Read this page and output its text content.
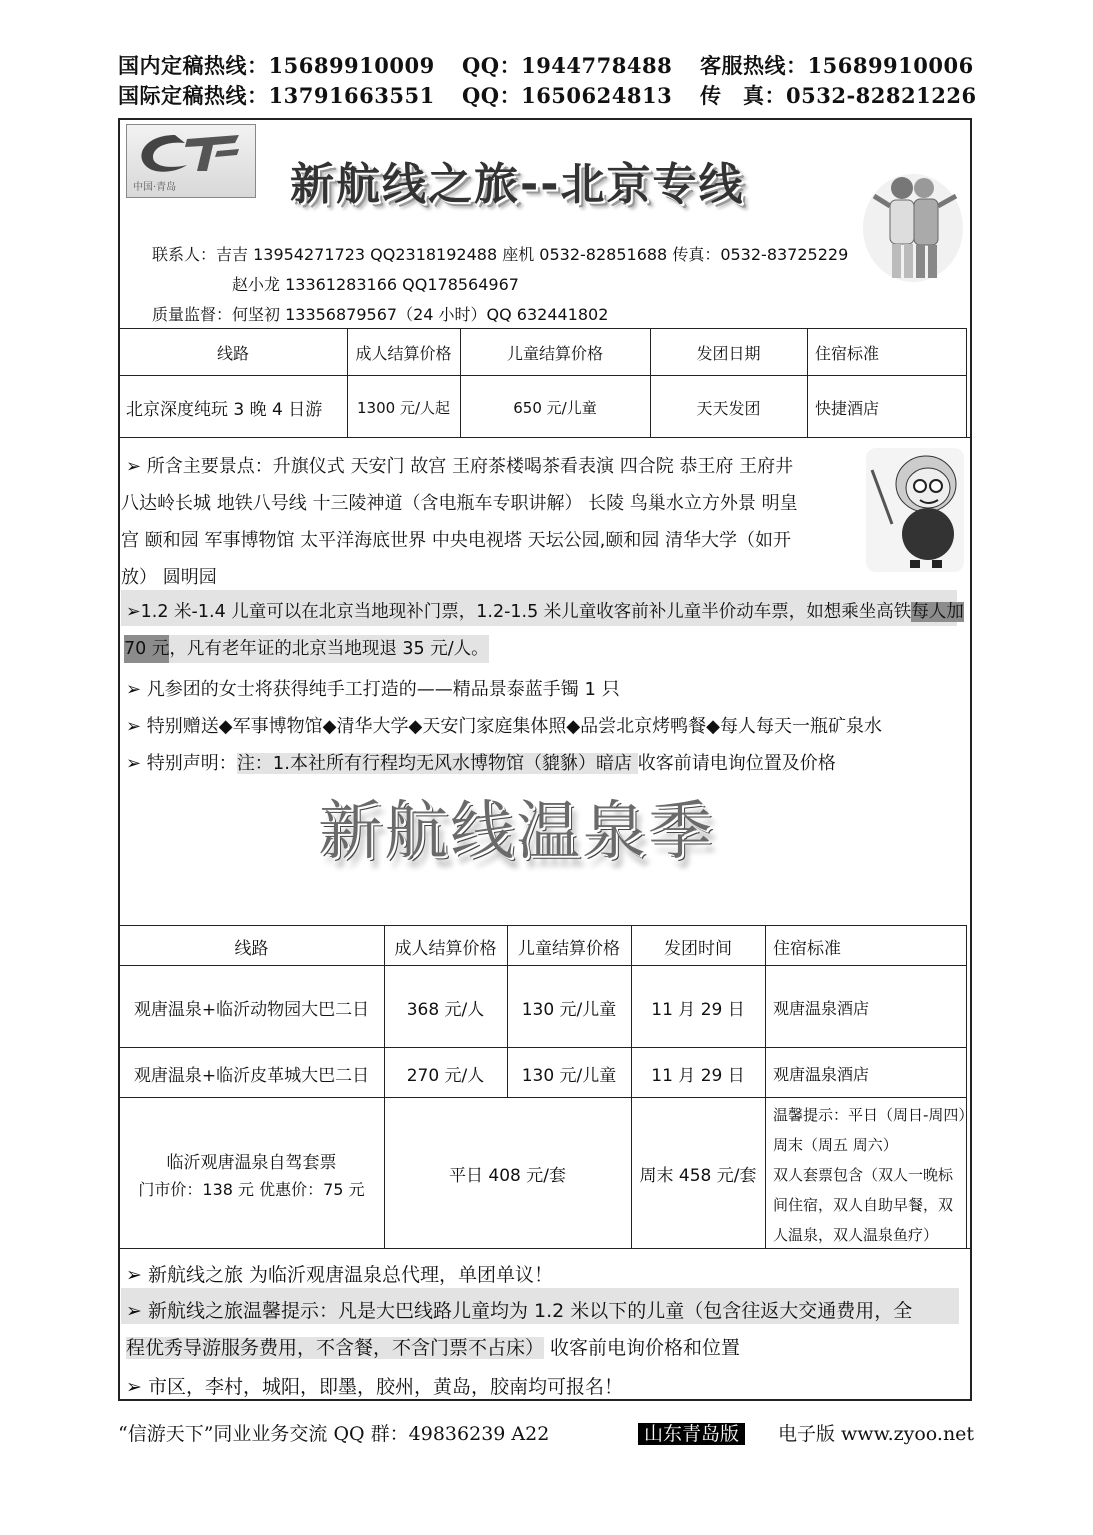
国内定稿热线：15689910009 QQ：1944778488 客服热线：15689910006
国际定稿热线：13791663551 QQ：1650624813 传　真：0532-82821226
中国·青岛	新航线之旅--北京专线
联系人：吉吉 13954271723 QQ2318192488 座机 0532-82851688 传真：0532-83725229
赵小龙 13361283166 QQ178564967
质量监督：何坚初 13356879567（24 小时）QQ 632441802
线路	成人结算价格	儿童结算价格	发团日期	住宿标准
北京深度纯玩 3 晚 4 日游	1300 元/人起	650 元/儿童	天天发团	快捷酒店
➢ 所含主要景点：升旗仪式 天安门 故宫 王府茶楼喝茶看表演 四合院 恭王府 王府井
八达岭长城 地铁八号线 十三陵神道（含电瓶车专职讲解） 长陵 鸟巢水立方外景 明皇
宫 颐和园 军事博物馆 太平洋海底世界 中央电视塔 天坛公园,颐和园 清华大学（如开
放） 圆明园
➢1.2 米-1.4 儿童可以在北京当地现补门票，1.2-1.5 米儿童收客前补儿童半价动车票，如想乘坐高铁每人加
70 元，凡有老年证的北京当地现退 35 元/人。
➢ 凡参团的女士将获得纯手工打造的——精品景泰蓝手镯 1 只
➢ 特别赠送◆军事博物馆◆清华大学◆天安门家庭集体照◆品尝北京烤鸭餐◆每人每天一瓶矿泉水
➢ 特别声明：注：1.本社所有行程均无风水博物馆（貔貅）暗店 收客前请电询位置及价格
新航线温泉季
线路	成人结算价格	儿童结算价格	发团时间	住宿标准
观唐温泉+临沂动物园大巴二日	368 元/人	130 元/儿童	11 月 29 日	观唐温泉酒店
观唐温泉+临沂皮革城大巴二日	270 元/人	130 元/儿童	11 月 29 日	观唐温泉酒店
临沂观唐温泉自驾套票
门市价：138 元 优惠价：75 元
平日 408 元/套	周末 458 元/套
温馨提示：平日（周日-周四）
周末（周五 周六）
双人套票包含（双人一晚标
间住宿，双人自助早餐，双
人温泉，双人温泉鱼疗）
➢ 新航线之旅 为临沂观唐温泉总代理，单团单议！
➢ 新航线之旅温馨提示：凡是大巴线路儿童均为 1.2 米以下的儿童（包含往返大交通费用，全
程优秀导游服务费用，不含餐，不含门票不占床） 收客前电询价格和位置
➢ 市区，李村，城阳，即墨，胶州，黄岛，胶南均可报名！
“信游天下”同业业务交流 QQ 群：49836239 A22	山东青岛版	电子版 www.zyoo.net
